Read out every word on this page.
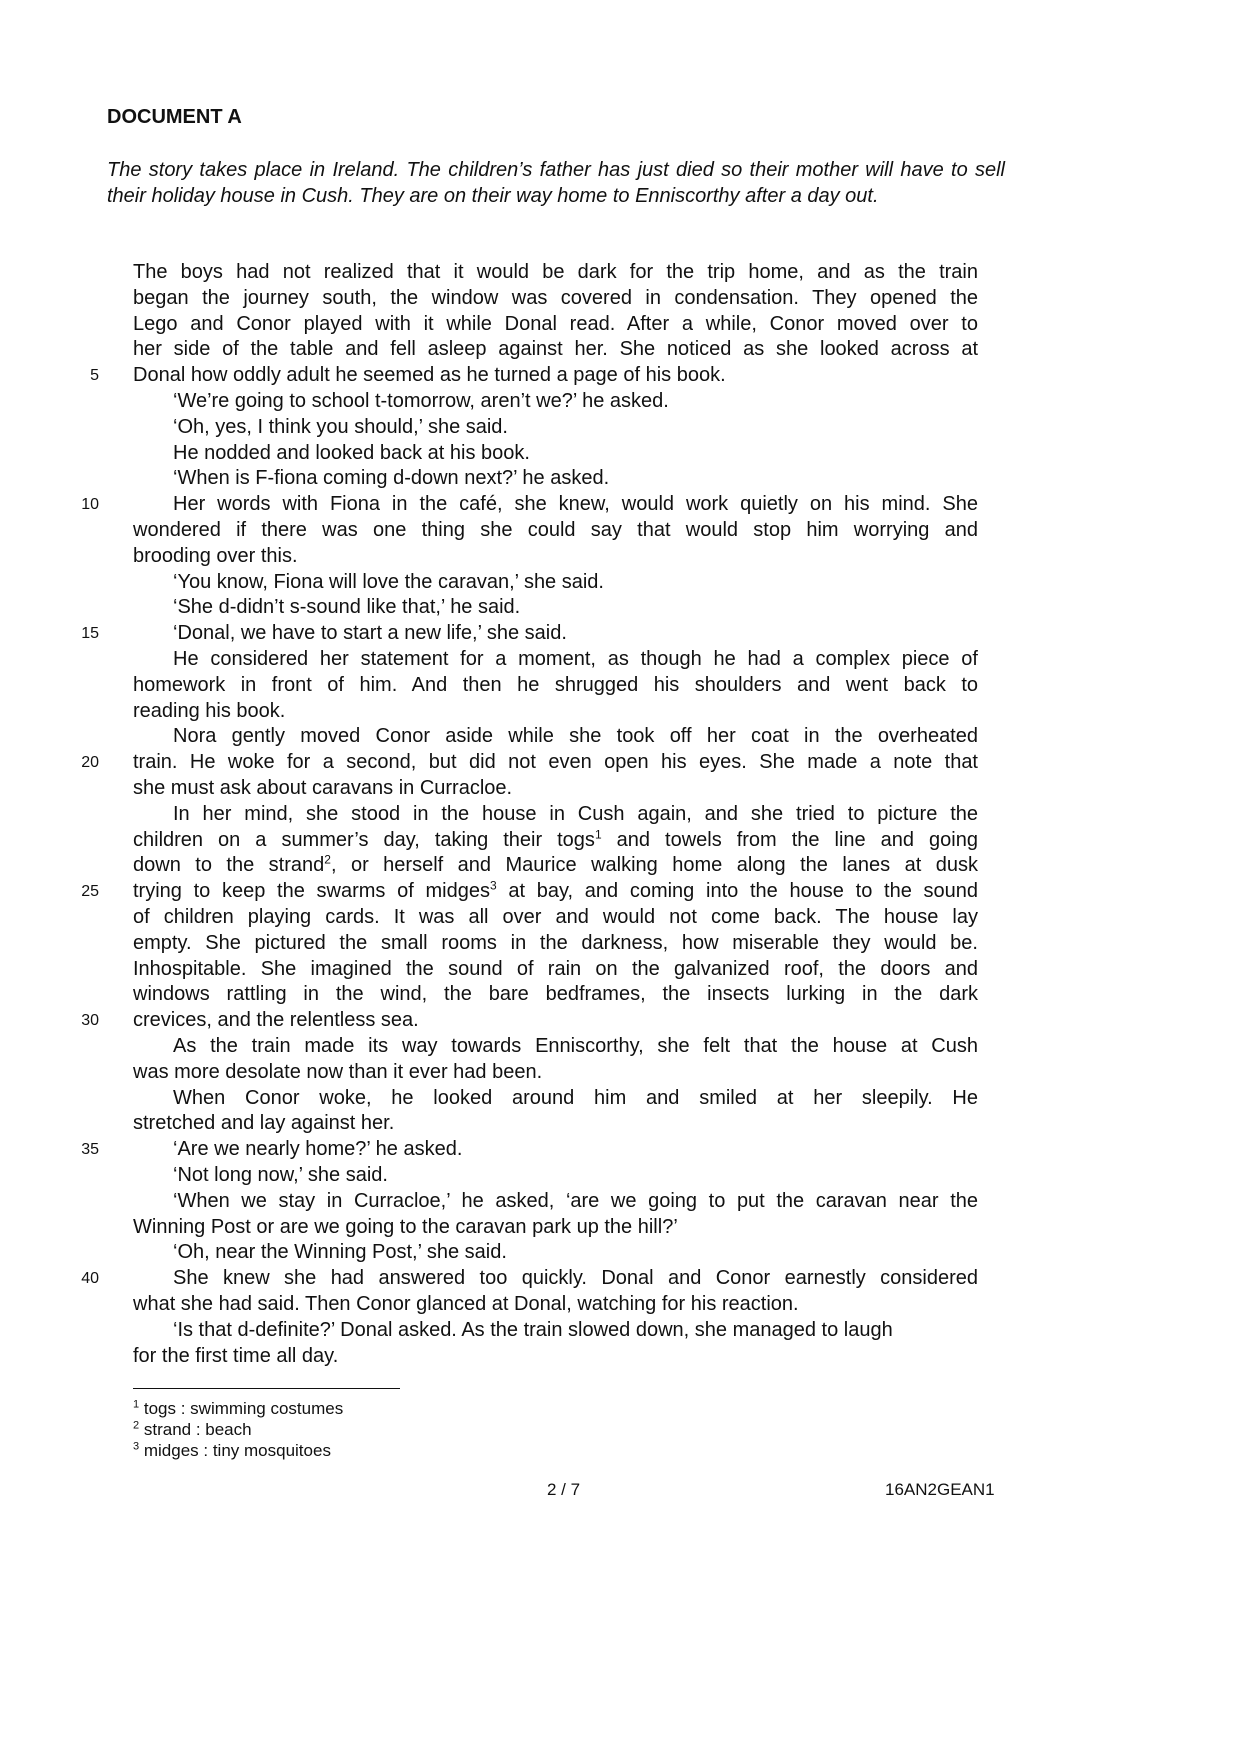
DOCUMENT A

The story takes place in Ireland. The children’s father has just died so their mother will have to sell their holiday house in Cush. They are on their way home to Enniscorthy after a day out.

The boys had not realized that it would be dark for the trip home, and as the train
began the journey south, the window was covered in condensation. They opened the
Lego and Conor played with it while Donal read. After a while, Conor moved over to
her side of the table and fell asleep against her. She noticed as she looked across at
Donal how oddly adult he seemed as he turned a page of his book.
5
‘We’re going to school t-tomorrow, aren’t we?’ he asked.
‘Oh, yes, I think you should,’ she said.
He nodded and looked back at his book.
‘When is F-fiona coming d-down next?’ he asked.
Her words with Fiona in the café, she knew, would work quietly on his mind. She
10
wondered if there was one thing she could say that would stop him worrying and
brooding over this.
‘You know, Fiona will love the caravan,’ she said.
‘She d-didn’t s-sound like that,’ he said.
‘Donal, we have to start a new life,’ she said.
15
He considered her statement for a moment, as though he had a complex piece of
homework in front of him. And then he shrugged his shoulders and went back to
reading his book.
Nora gently moved Conor aside while she took off her coat in the overheated
train. He woke for a second, but did not even open his eyes. She made a note that
20
she must ask about caravans in Curracloe.
In her mind, she stood in the house in Cush again, and she tried to picture the
children on a summer’s day, taking their togs$^1$ and towels from the line and going
down to the strand$^2$, or herself and Maurice walking home along the lanes at dusk
trying to keep the swarms of midges$^3$ at bay, and coming into the house to the sound
25
of children playing cards. It was all over and would not come back. The house lay
empty. She pictured the small rooms in the darkness, how miserable they would be.
Inhospitable. She imagined the sound of rain on the galvanized roof, the doors and
windows rattling in the wind, the bare bedframes, the insects lurking in the dark
crevices, and the relentless sea.
30
As the train made its way towards Enniscorthy, she felt that the house at Cush
was more desolate now than it ever had been.
When Conor woke, he looked around him and smiled at her sleepily. He
stretched and lay against her.
‘Are we nearly home?’ he asked.
35
‘Not long now,’ she said.
‘When we stay in Curracloe,’ he asked, ‘are we going to put the caravan near the
Winning Post or are we going to the caravan park up the hill?’
‘Oh, near the Winning Post,’ she said.
She knew she had answered too quickly. Donal and Conor earnestly considered
40
what she had said. Then Conor glanced at Donal, watching for his reaction.
‘Is that d-definite?’ Donal asked. As the train slowed down, she managed to laugh
for the first time all day.
$^1$ togs : swimming costumes
$^2$ strand : beach
$^3$ midges : tiny mosquitoes
2 / 7	16AN2GEAN1
